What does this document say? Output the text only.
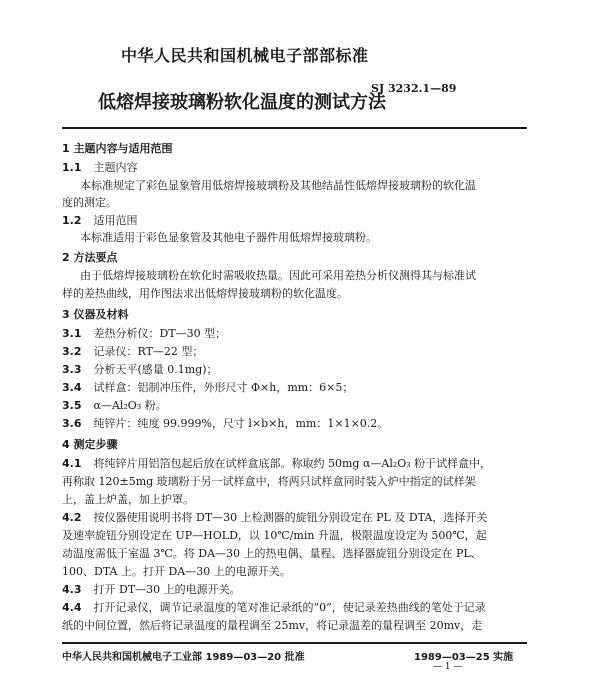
中华人民共和国机械电子部部标准
低熔焊接玻璃粉软化温度的测试方法
SJ 3232.1—89
1 主题内容与适用范围
1.1 主题内容
本标准规定了彩色显象管用低熔焊接玻璃粉及其他结晶性低熔焊接玻璃粉的软化温
度的测定。
1.2 适用范围
本标准适用于彩色显象管及其他电子器件用低熔焊接玻璃粉。
2 方法要点
由于低熔焊接玻璃粉在软化时需吸收热量。因此可采用差热分析仪测得其与标准试
样的差热曲线，用作图法求出低熔焊接玻璃粉的软化温度。
3 仪器及材料
3.1 差热分析仪：DT—30 型；
3.2 记录仪：RT—22 型；
3.3 分析天平(感量 0.1mg)；
3.4 试样盒：铝制冲压件，外形尺寸 Φ×h，mm：6×5；
3.5 α—Al₂O₃ 粉。
3.6 纯锌片：纯度 99.999%，尺寸 l×b×h，mm：1×1×0.2。
4 测定步骤
4.1 将纯锌片用铝箔包起后放在试样盒底部。称取约 50mg α—Al₂O₃ 粉于试样盒中，
再称取 120±5mg 玻璃粉于另一试样盒中，将两只试样盒同时装入炉中指定的试样架
上，盖上炉盖，加上护罩。
4.2 按仪器使用说明书将 DT—30 上检测器的旋钮分别设定在 PL 及 DTA，选择开关
及速率旋钮分别设定在 UP—HOLD，以 10℃/min 升温，极限温度设定为 500℃，起
动温度需低于室温 3℃。将 DA—30 上的热电偶、量程、选择器旋钮分别设定在 PL、
100、DTA 上。打开 DA—30 上的电源开关。
4.3 打开 DT—30 上的电源开关。
4.4 打开记录仪，调节记录温度的笔对准记录纸的“0”，使记录差热曲线的笔处于记录
纸的中间位置，然后将记录温度的量程调至 25mv，将记录温差的量程调至 20mv，走
中华人民共和国机械电子工业部 1989—03—20 批准	1989—03—25 实施
— 1 —
